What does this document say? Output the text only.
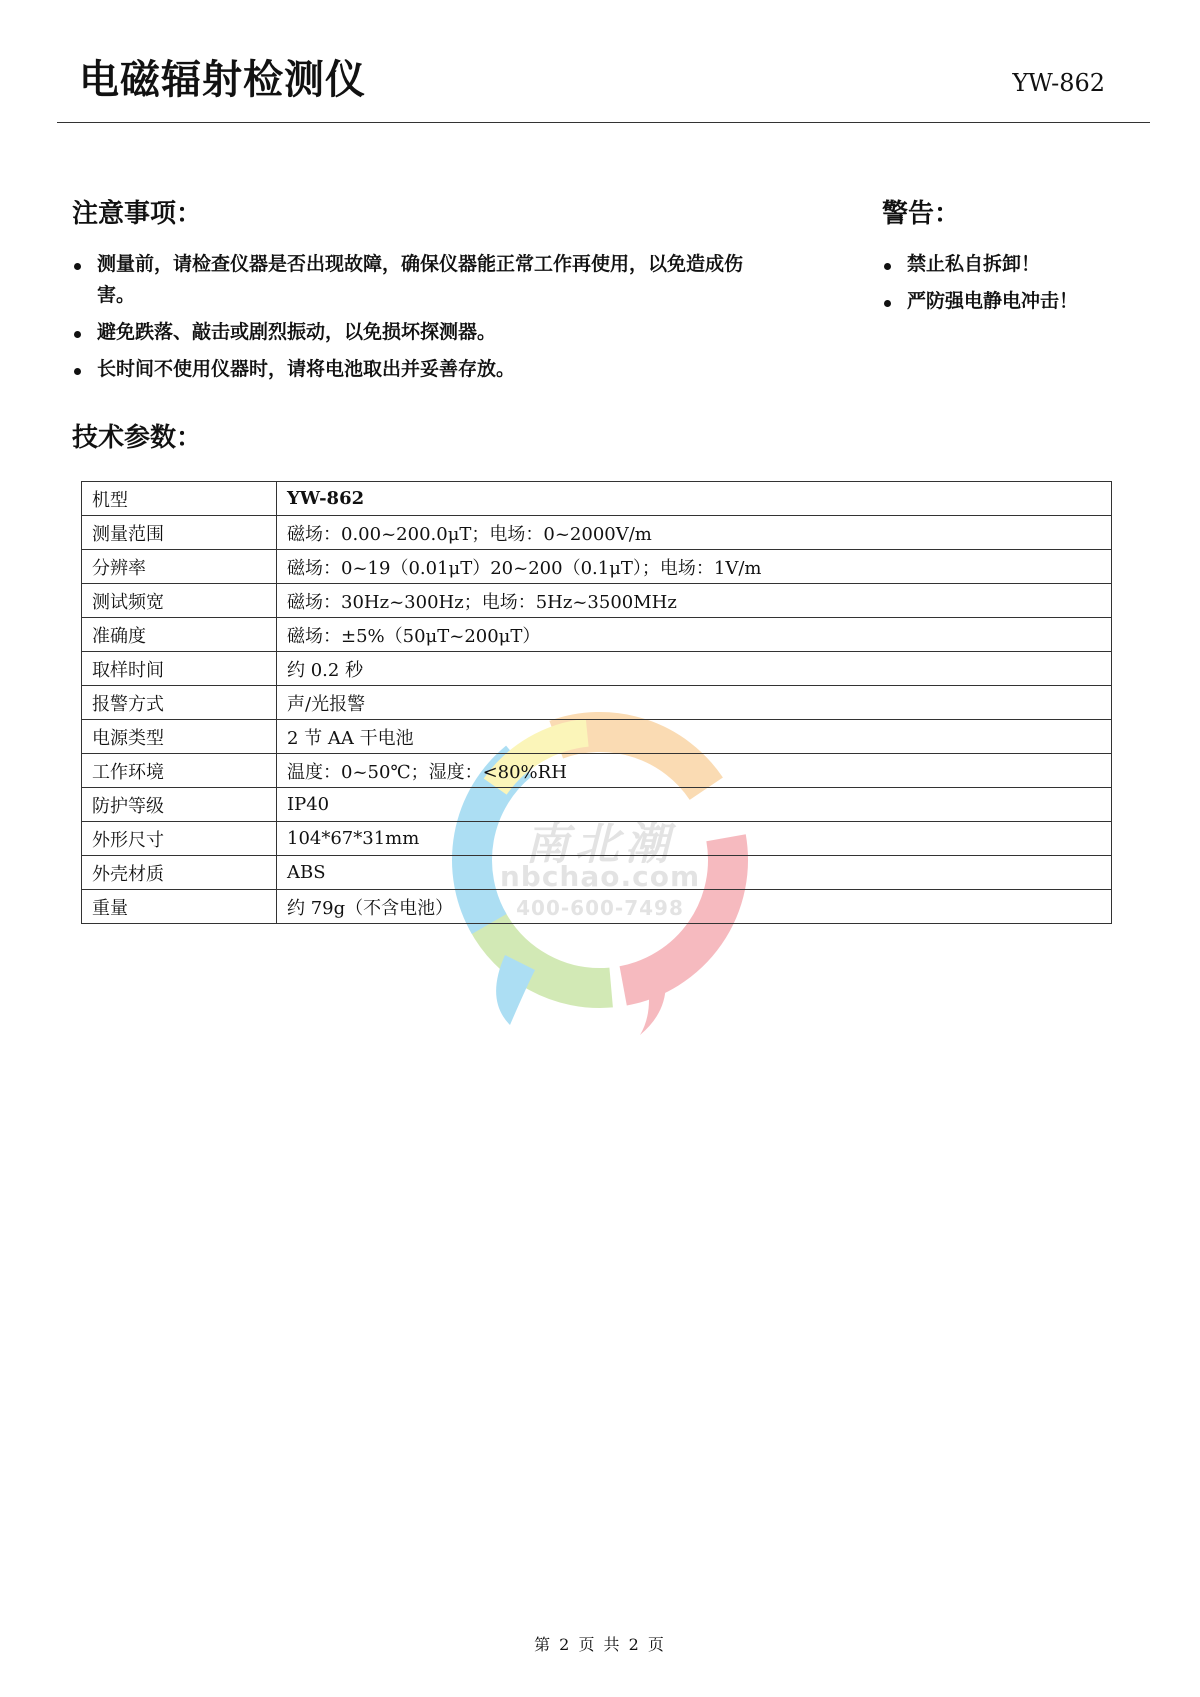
电磁辐射检测仪	YW-862
注意事项：
测量前，请检查仪器是否出现故障，确保仪器能正常工作再使用，以免造成伤害。
避免跌落、敲击或剧烈振动，以免损坏探测器。
长时间不使用仪器时，请将电池取出并妥善存放。
警告：
禁止私自拆卸！
严防强电静电冲击！
技术参数：
南北潮
nbchao.com
400-600-7498
机型	YW-862
测量范围	磁场：0.00~200.0μT；电场：0~2000V/m
分辨率	磁场：0~19（0.01μT）20~200（0.1μT）；电场：1V/m
测试频宽	磁场：30Hz~300Hz；电场：5Hz~3500MHz
准确度	磁场：±5%（50μT~200μT）
取样时间	约 0.2 秒
报警方式	声/光报警
电源类型	2 节 AA 干电池
工作环境	温度：0~50℃；湿度：<80%RH
防护等级	IP40
外形尺寸	104*67*31mm
外壳材质	ABS
重量	约 79g（不含电池）
第 2 页 共 2 页
